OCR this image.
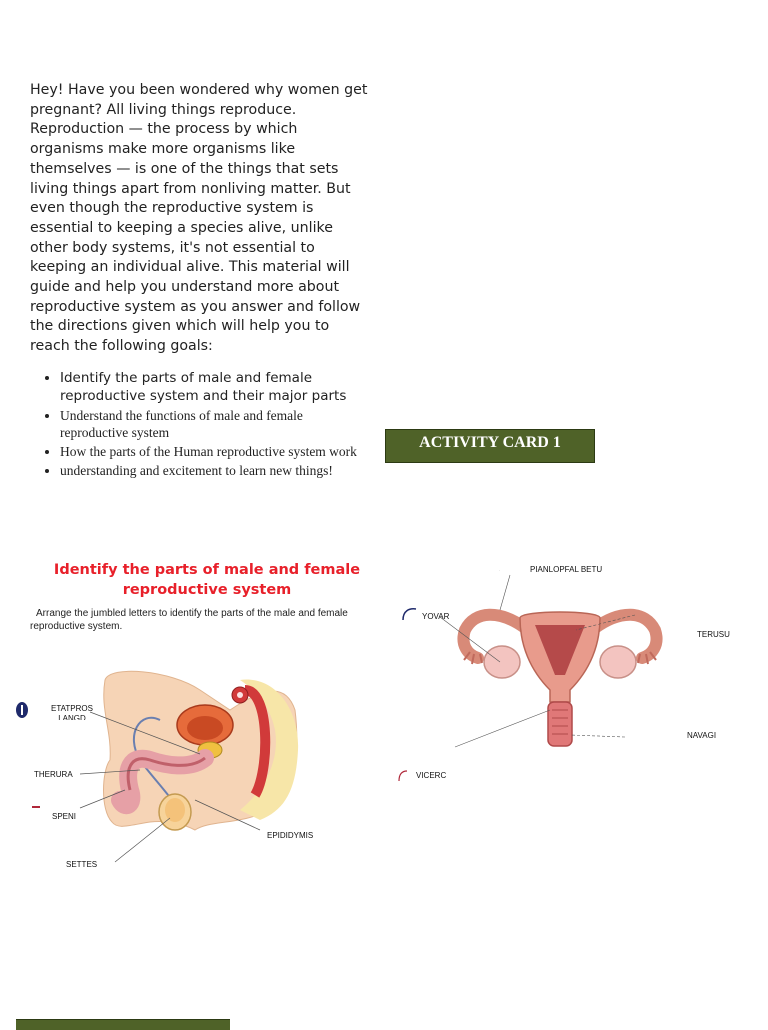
Hey! Have you been wondered why women get pregnant? All living things reproduce. Reproduction — the process by which organisms make more organisms like themselves — is one of the things that sets living things apart from nonliving matter. But even though the reproductive system is essential to keeping a species alive, unlike other body systems, it's not essential to keeping an individual alive. This material will guide and help you understand more about reproductive system as you answer and follow the directions given which will help you to reach the following goals:

• Identify the parts of male and female reproductive system and their major parts
• Understand the functions of male and female reproductive system
• How the parts of the Human reproductive system work
• understanding and excitement to learn new things!
ACTIVITY CARD 1
Identify the parts of male and female reproductive system
Arrange the jumbled letters to identify the parts of the male and female reproductive system.
ETATPROS LANGD
THERURA
SPENI
SETTES
EPIDIDYMIS
PIANLOPFAL BETU
YOVAR
TERUSU
NAVAGI
VICERC
